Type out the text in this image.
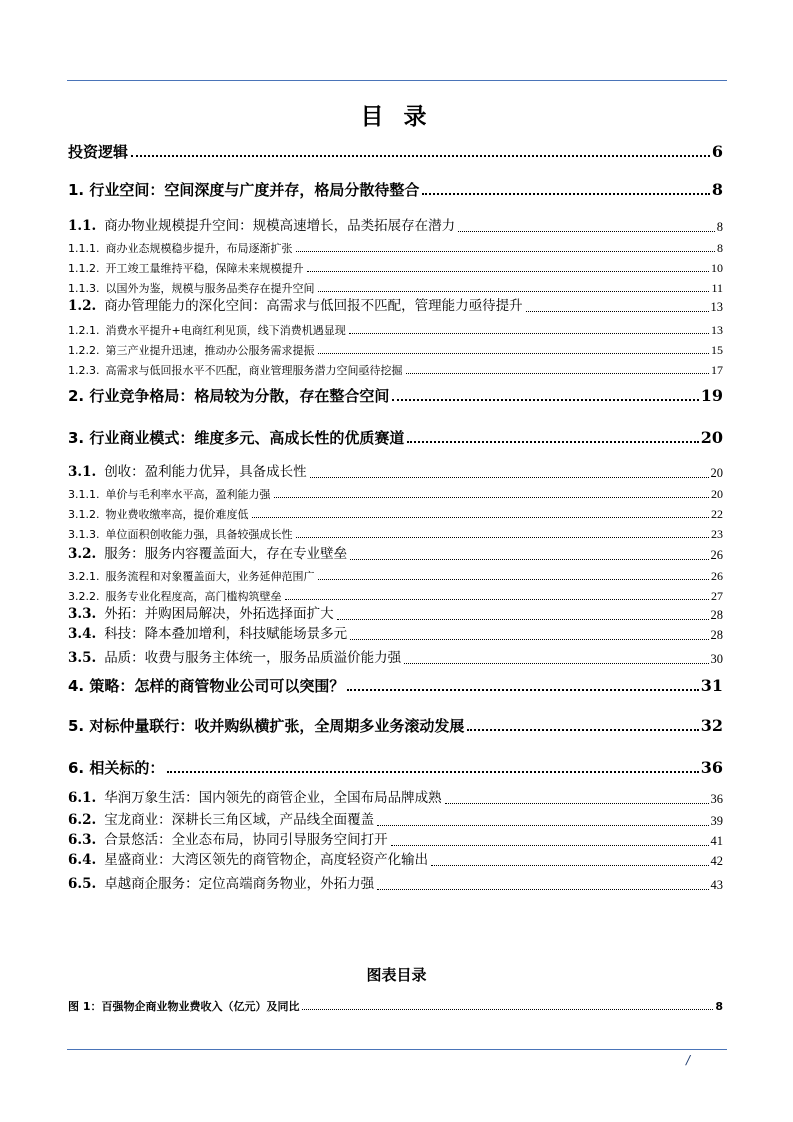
目 录
投资逻辑	6
1. 行业空间：空间深度与广度并存，格局分散待整合	8
1.1. 商办物业规模提升空间：规模高速增长，品类拓展存在潜力	8
1.1.1. 商办业态规模稳步提升，布局逐渐扩张	8
1.1.2. 开工竣工量维持平稳，保障未来规模提升	10
1.1.3. 以国外为鉴，规模与服务品类存在提升空间	11
1.2. 商办管理能力的深化空间：高需求与低回报不匹配，管理能力亟待提升	13
1.2.1. 消费水平提升+电商红利见顶，线下消费机遇显现	13
1.2.2. 第三产业提升迅速，推动办公服务需求提振	15
1.2.3. 高需求与低回报水平不匹配，商业管理服务潜力空间亟待挖掘	17
2. 行业竞争格局：格局较为分散，存在整合空间	19
3. 行业商业模式：维度多元、高成长性的优质赛道	20
3.1. 创收：盈利能力优异，具备成长性	20
3.1.1. 单价与毛利率水平高，盈利能力强	20
3.1.2. 物业费收缴率高，提价难度低	22
3.1.3. 单位面积创收能力强，具备较强成长性	23
3.2. 服务：服务内容覆盖面大，存在专业壁垒	26
3.2.1. 服务流程和对象覆盖面大，业务延伸范围广	26
3.2.2. 服务专业化程度高，高门槛构筑壁垒	27
3.3. 外拓：并购困局解决，外拓选择面扩大	28
3.4. 科技：降本叠加增利，科技赋能场景多元	28
3.5. 品质：收费与服务主体统一，服务品质溢价能力强	30
4. 策略：怎样的商管物业公司可以突围？	31
5. 对标仲量联行：收并购纵横扩张，全周期多业务滚动发展	32
6. 相关标的：	36
6.1. 华润万象生活：国内领先的商管企业，全国布局品牌成熟	36
6.2. 宝龙商业：深耕长三角区域，产品线全面覆盖	39
6.3. 合景悠活：全业态布局，协同引导服务空间打开	41
6.4. 星盛商业：大湾区领先的商管物企，高度轻资产化输出	42
6.5. 卓越商企服务：定位高端商务物业，外拓力强	43
图表目录
图 1：百强物企商业物业费收入（亿元）及同比	8
/
